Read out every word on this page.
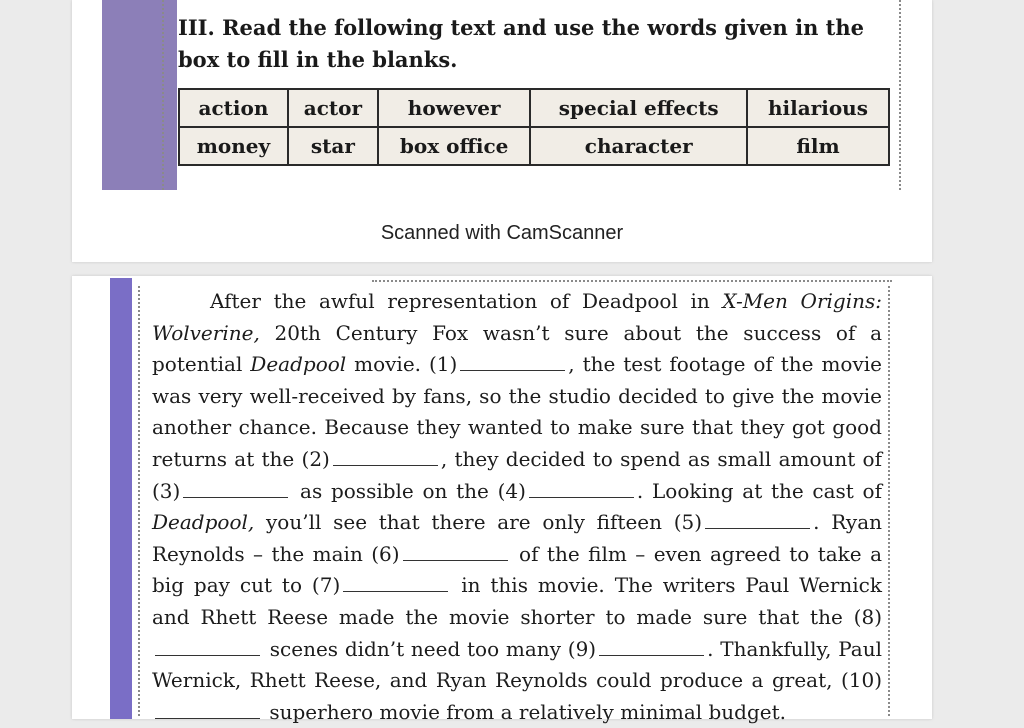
III. Read the following text and use the words given in the box to fill in the blanks.
action	actor	however	special effects	hilarious
money	star	box office	character	film
Scanned with CamScanner

After the awful representation of Deadpool in X-Men Origins: Wolverine, 20th Century Fox wasn’t sure about the success of a potential Deadpool movie. (1)	, the test footage of the movie was very well-received by fans, so the studio decided to give the movie another chance. Because they wanted to make sure that they got good returns at the (2)	, they decided to spend as small amount of (3)	as possible on the (4)	. Looking at the cast of Deadpool, you’ll see that there are only fifteen (5)	. Ryan Reynolds – the main (6)	of the film – even agreed to take a big pay cut to (7)	in this movie. The writers Paul Wernick and Rhett Reese made the movie shorter to made sure that the (8) scenes didn’t need too many (9)	. Thankfully, Paul Wernick, Rhett Reese, and Ryan Reynolds could produce a great, (10) superhero movie from a relatively minimal budget.
